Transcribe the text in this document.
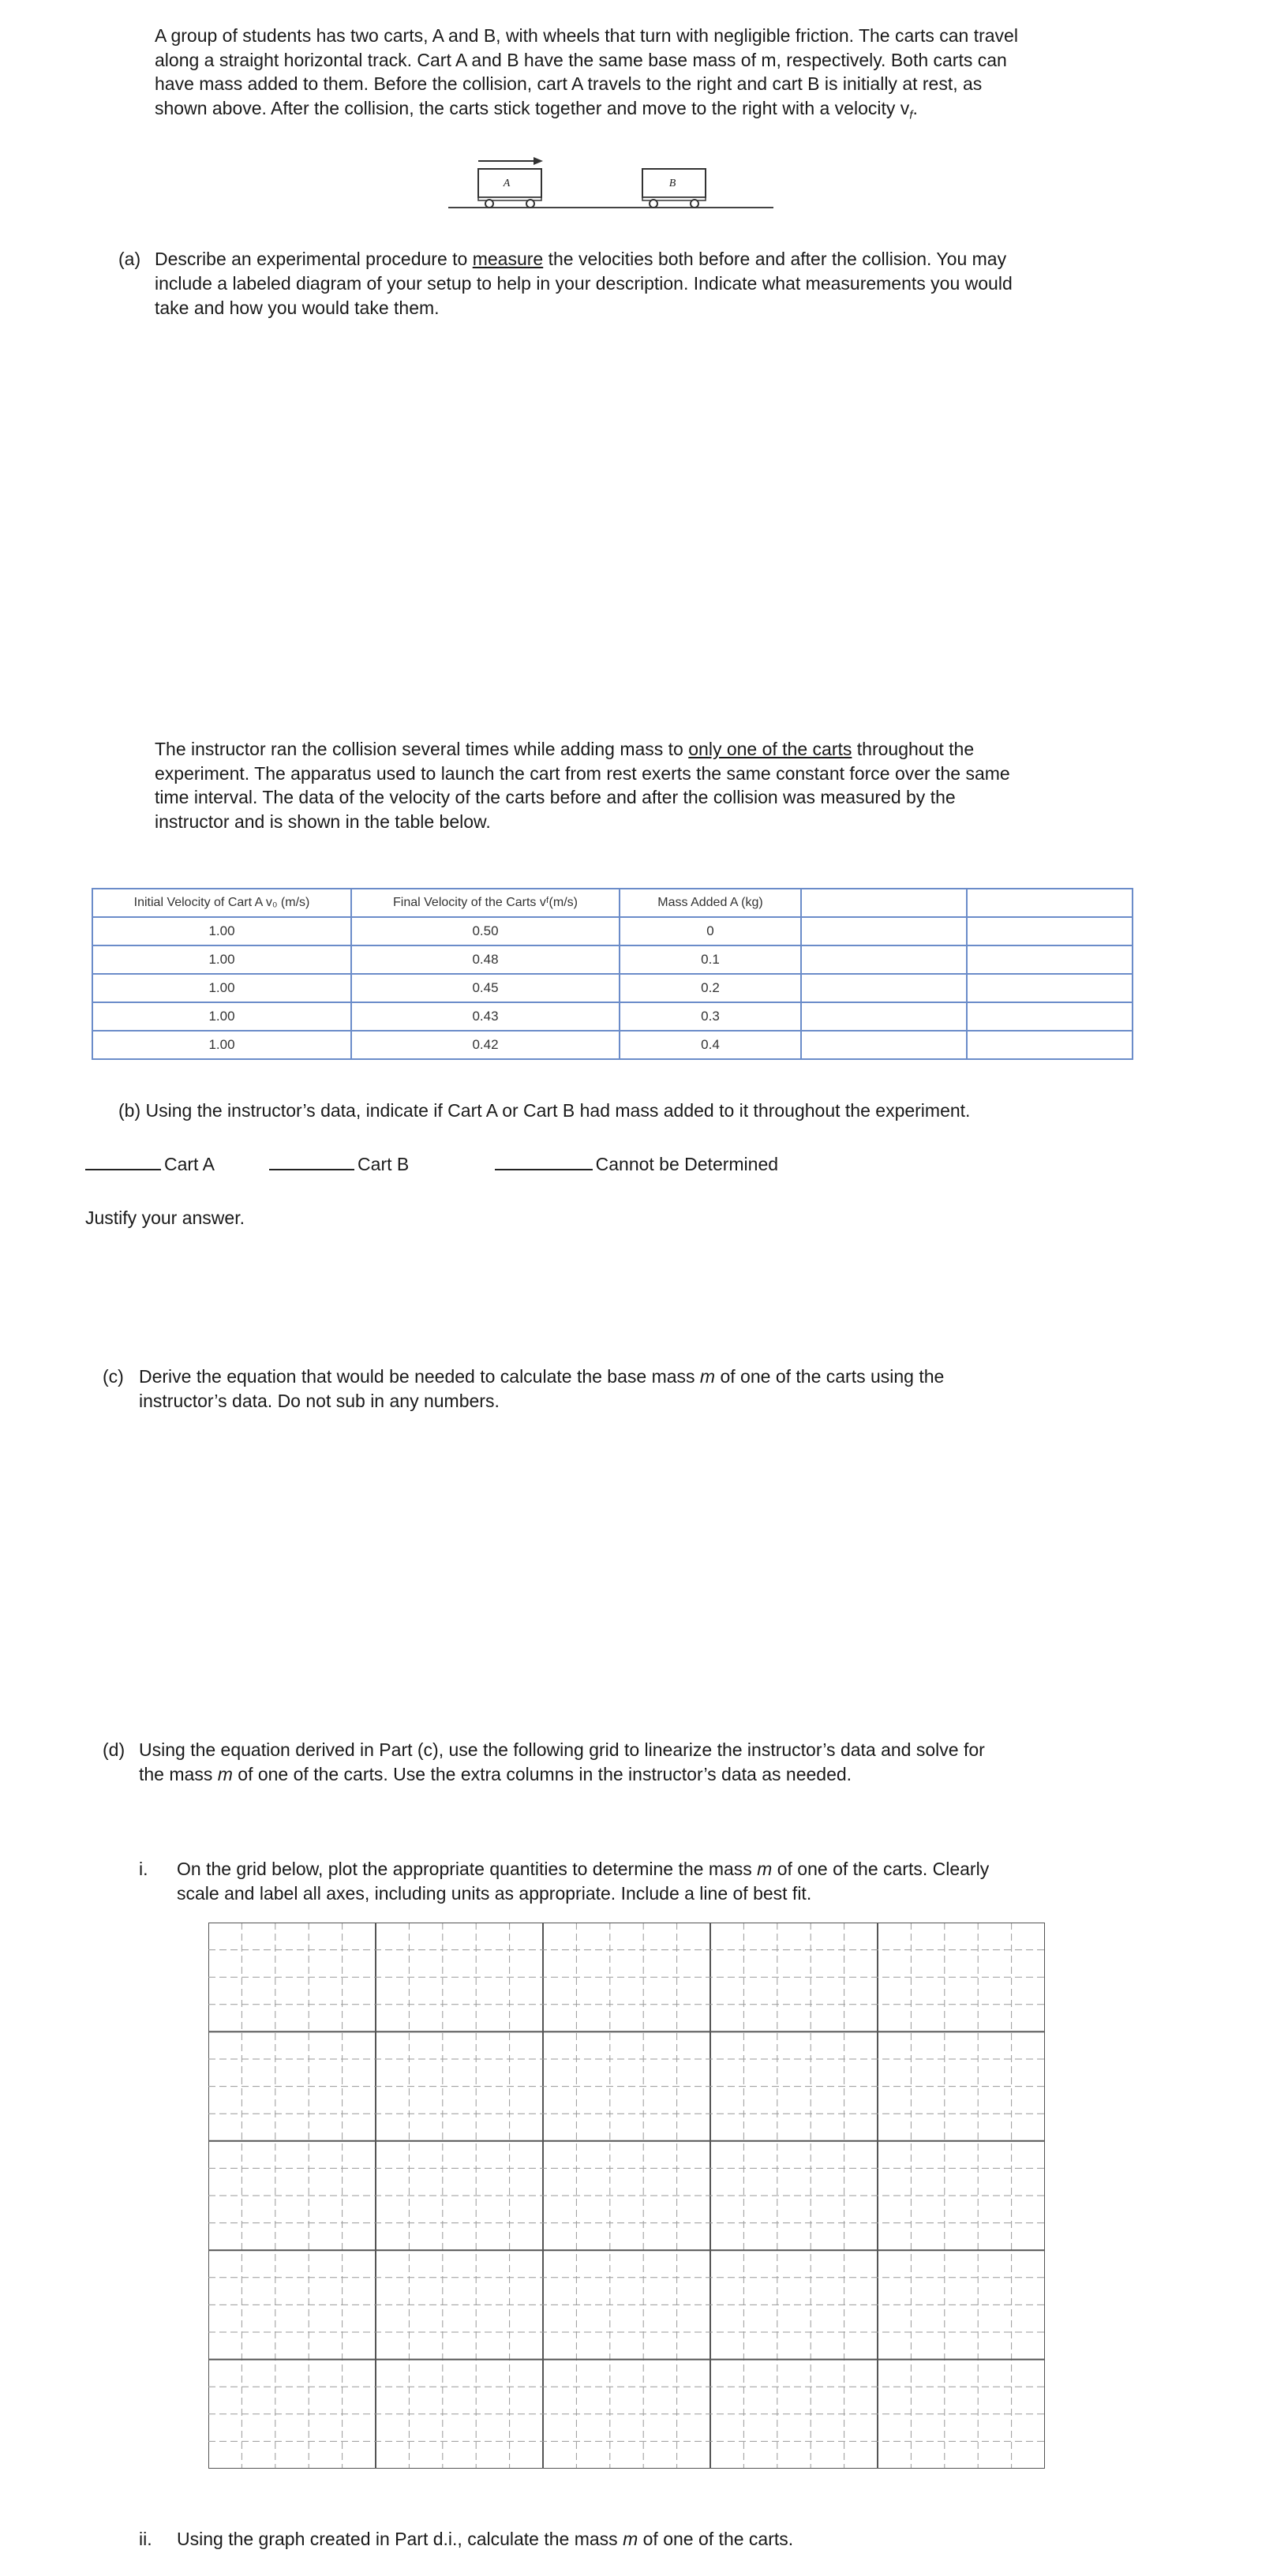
A group of students has two carts, A and B, with wheels that turn with negligible friction. The carts can travel
along a straight horizontal track. Cart A and B have the same base mass of m, respectively. Both carts can
have mass added to them. Before the collision, cart A travels to the right and cart B is initially at rest, as
shown above. After the collision, the carts stick together and move to the right with a velocity $v_f$.
A	B
(a) Describe an experimental procedure to measure the velocities both before and after the collision. You may
include a labeled diagram of your setup to help in your description. Indicate what measurements you would
take and how you would take them.
The instructor ran the collision several times while adding mass to only one of the carts throughout the
experiment. The apparatus used to launch the cart from rest exerts the same constant force over the same
time interval. The data of the velocity of the carts before and after the collision was measured by the
instructor and is shown in the table below.
Initial Velocity of Cart A v₀ (m/s)	Final Velocity of the Carts vᶠ(m/s)	Mass Added A (kg)		
1.00	0.50	0		
1.00	0.48	0.1		
1.00	0.45	0.2		
1.00	0.43	0.3		
1.00	0.42	0.4		
(b) Using the instructor’s data, indicate if Cart A or Cart B had mass added to it throughout the experiment.
Cart A	Cart B	Cannot be Determined
Justify your answer.
(c) Derive the equation that would be needed to calculate the base mass m of one of the carts using the
instructor’s data. Do not sub in any numbers.
(d) Using the equation derived in Part (c), use the following grid to linearize the instructor’s data and solve for
the mass m of one of the carts. Use the extra columns in the instructor’s data as needed.
i. On the grid below, plot the appropriate quantities to determine the mass m of one of the carts. Clearly
scale and label all axes, including units as appropriate. Include a line of best fit.
ii. Using the graph created in Part d.i., calculate the mass m of one of the carts.
